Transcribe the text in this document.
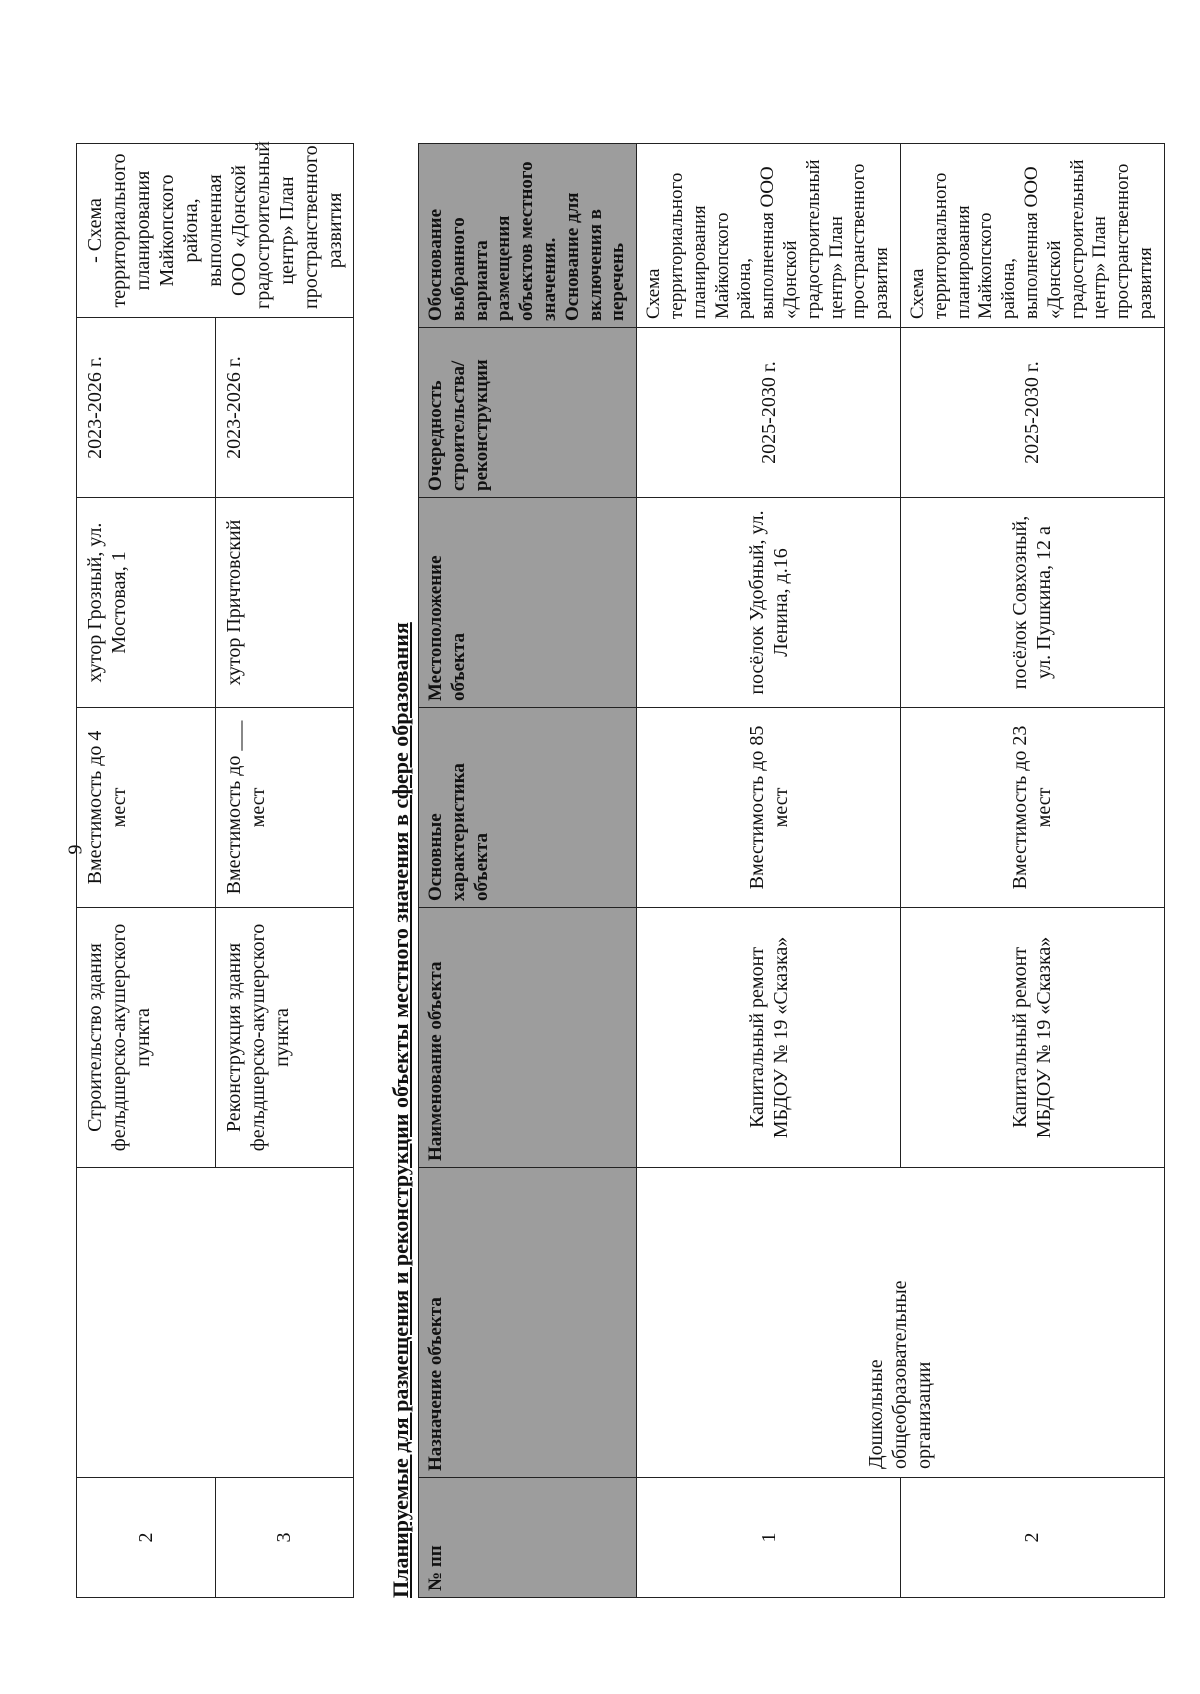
9
2		Строительство здания фельдшерско-акушерского пункта	Вместимость до 4 мест	хутор Грозный, ул. Мостовая, 1	2023-2026 г.	- Схема территориального планирования Майкопского района, выполненная ООО «Донской градостроительный центр» План пространственного развития
3		Реконструкция здания фельдшерско-акушерского пункта	Вместимость до ___ мест	хутор Причтовский	2023-2026 г.	
Планируемые для размещения и реконструкции объекты местного значения в сфере образования № пп	Назначение объекта	Наименование объекта	Основные характеристика объекта	Местоположение объекта	Очередность строительства/ реконструкции	Обоснование выбранного варианта размещения объектов местного значения. Основание для включения в перечень
1	Дошкольные общеобразовательные организации	Капитальный ремонт МБДОУ № 19 «Сказка»	Вместимость до 85 мест	посёлок Удобный, ул. Ленина, д.16	2025-2030 г.	Схема территориального планирования Майкопского района, выполненная ООО «Донской градостроительный центр» План пространственного развития
2		Капитальный ремонт МБДОУ № 19 «Сказка»	Вместимость до 23 мест	посёлок Совхозный, ул. Пушкина, 12 а	2025-2030 г.	Схема территориального планирования Майкопского района, выполненная ООО «Донской градостроительный центр» План пространственного развития
